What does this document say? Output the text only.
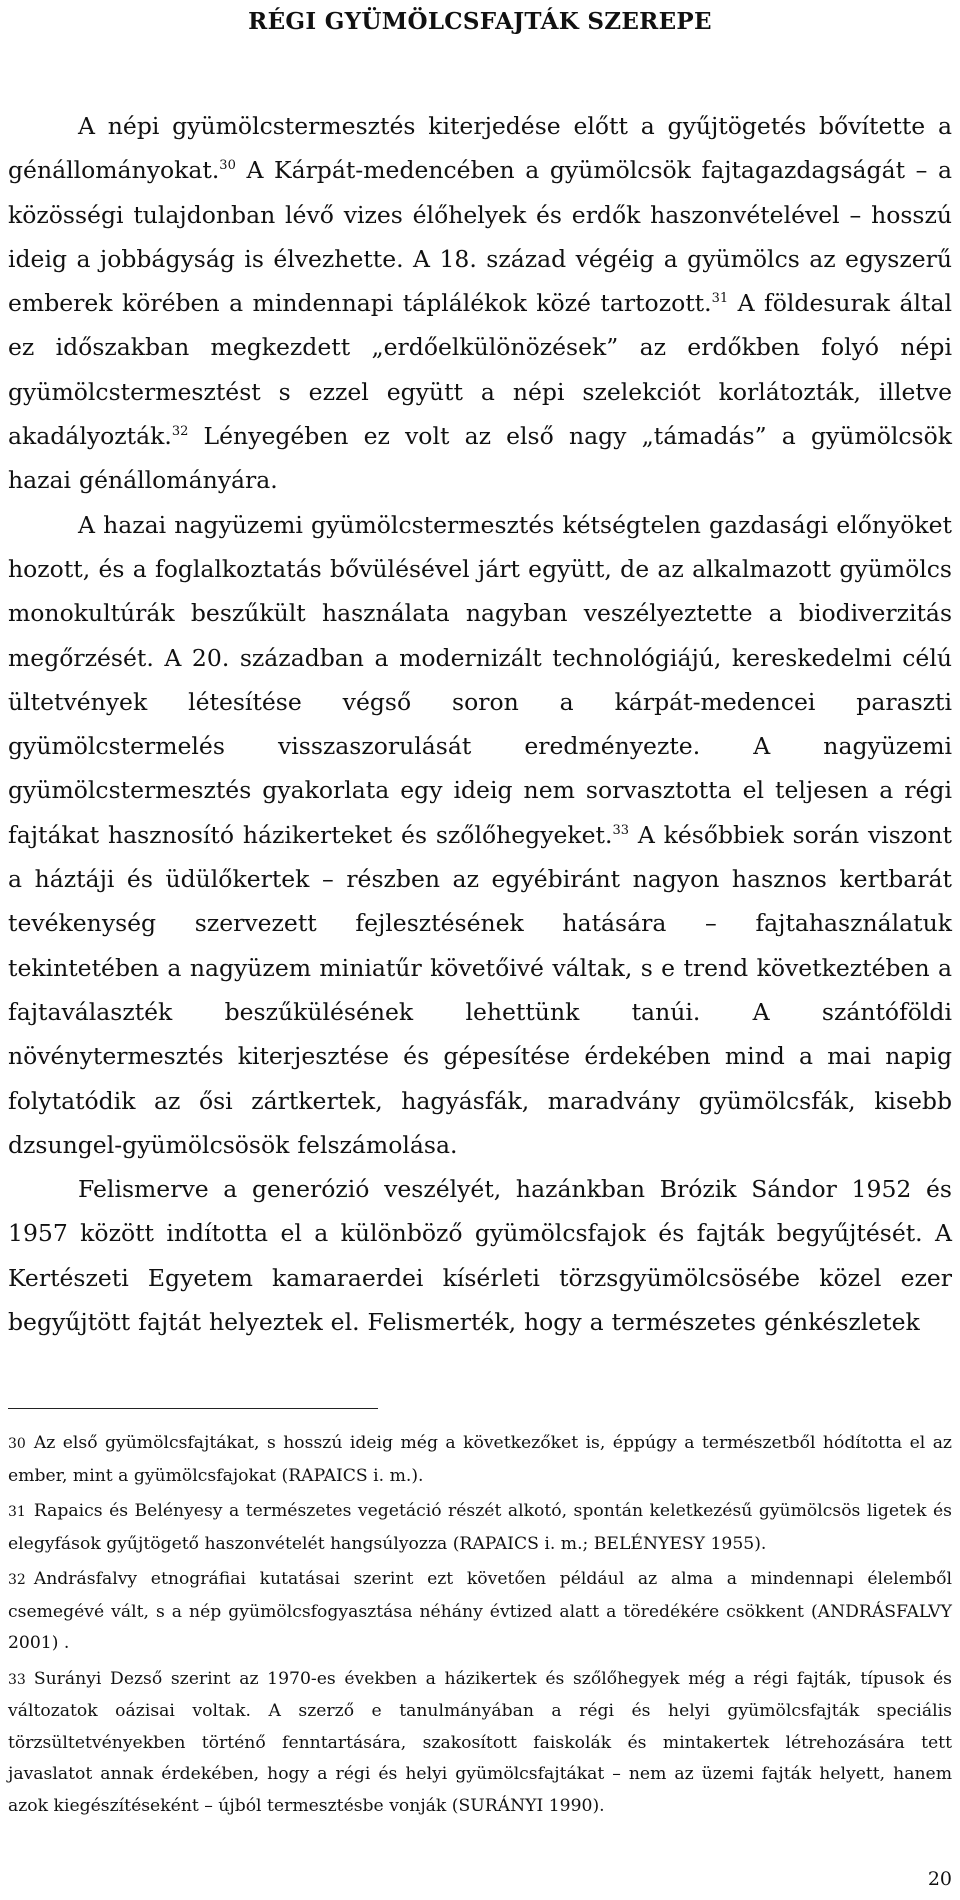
RÉGI GYÜMÖLCSFAJTÁK SZEREPE

A népi gyümölcstermesztés kiterjedése előtt a gyűjtögetés bővítette a génállományokat.$^{30}$ A Kárpát-medencében a gyümölcsök fajtagazdagságát – a közösségi tulajdonban lévő vizes élőhelyek és erdők haszonvételével – hosszú ideig a jobbágyság is élvezhette. A 18. század végéig a gyümölcs az egyszerű emberek körében a mindennapi táplálékok közé tartozott.$^{31}$ A földesurak által ez időszakban megkezdett „erdőelkülönözések” az erdőkben folyó népi gyümölcstermesztést s ezzel együtt a népi szelekciót korlátozták, illetve akadályozták.$^{32}$ Lényegében ez volt az első nagy „támadás” a gyümölcsök hazai génállományára.

A hazai nagyüzemi gyümölcstermesztés kétségtelen gazdasági előnyöket hozott, és a foglalkoztatás bővülésével járt együtt, de az alkalmazott gyümölcs monokultúrák beszűkült használata nagyban veszélyeztette a biodiverzitás megőrzését. A 20. században a modernizált technológiájú, kereskedelmi célú ültetvények létesítése végső soron a kárpát-medencei paraszti gyümölcstermelés visszaszorulását eredményezte. A nagyüzemi gyümölcstermesztés gyakorlata egy ideig nem sorvasztotta el teljesen a régi fajtákat hasznosító házikerteket és szőlőhegyeket.$^{33}$ A későbbiek során viszont a háztáji és üdülőkertek – részben az egyébiránt nagyon hasznos kertbarát tevékenység szervezett fejlesztésének hatására – fajtahasználatuk tekintetében a nagyüzem miniatűr követőivé váltak, s e trend következtében a fajtaválaszték beszűkülésének lehettünk tanúi. A szántóföldi növénytermesztés kiterjesztése és gépesítése érdekében mind a mai napig folytatódik az ősi zártkertek, hagyásfák, maradvány gyümölcsfák, kisebb dzsungel-gyümölcsösök felszámolása.

Felismerve a generózió veszélyét, hazánkban Brózik Sándor 1952 és 1957 között indította el a különböző gyümölcsfajok és fajták begyűjtését. A Kertészeti Egyetem kamaraerdei kísérleti törzsgyümölcsösébe közel ezer begyűjtött fajtát helyeztek el. Felismerték, hogy a természetes génkészletek

30 Az első gyümölcsfajtákat, s hosszú ideig még a következőket is, éppúgy a természetből hódította el az ember, mint a gyümölcsfajokat (RAPAICS i. m.).

31 Rapaics és Belényesy a természetes vegetáció részét alkotó, spontán keletkezésű gyümölcsös ligetek és elegyfások gyűjtögető haszonvételét hangsúlyozza (RAPAICS i. m.; BELÉNYESY 1955).

32 Andrásfalvy etnográfiai kutatásai szerint ezt követően például az alma a mindennapi élelemből csemegévé vált, s a nép gyümölcsfogyasztása néhány évtized alatt a töredékére csökkent (ANDRÁSFALVY 2001) .

33 Surányi Dezső szerint az 1970-es években a házikertek és szőlőhegyek még a régi fajták, típusok és változatok oázisai voltak. A szerző e tanulmányában a régi és helyi gyümölcsfajták speciális törzsültetvényekben történő fenntartására, szakosított faiskolák és mintakertek létrehozására tett javaslatot annak érdekében, hogy a régi és helyi gyümölcsfajtákat – nem az üzemi fajták helyett, hanem azok kiegészítéseként – újból termesztésbe vonják (SURÁNYI 1990).

20
